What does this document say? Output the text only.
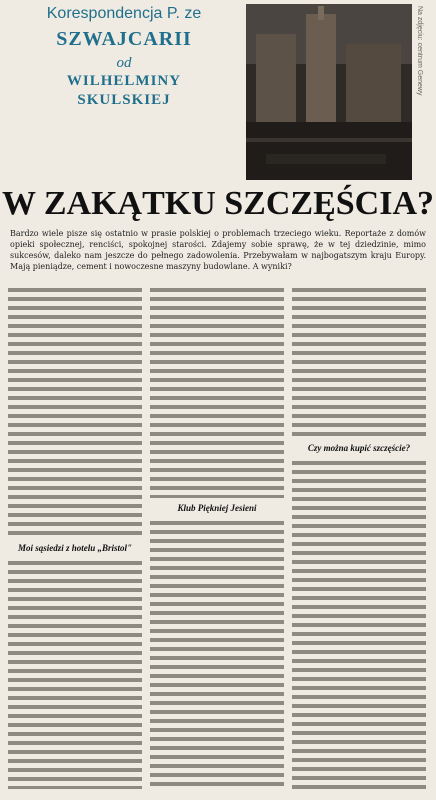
Korespondencja P. ze
SZWAJCARII
od
WILHELMINY
SKULSKIEJ
Na zdjęciu: centrum Genewy
W ZAKĄTKU SZCZĘŚCIA?
Bardzo wiele pisze się ostatnio w prasie polskiej o problemach trzeciego wieku. Reportaże z domów opieki społecznej, renciści, spokojnej starości. Zdajemy sobie sprawę, że w tej dziedzinie, mimo sukcesów, daleko nam jeszcze do pełnego zadowolenia. Przebywałam w najbogatszym kraju Europy. Mają pieniądze, cement i nowoczesne maszyny budowlane. A wyniki?
Moi sąsiedzi z hotelu „Bristol"
Klub Piękniej Jesieni
Czy można kupić szczęście?
